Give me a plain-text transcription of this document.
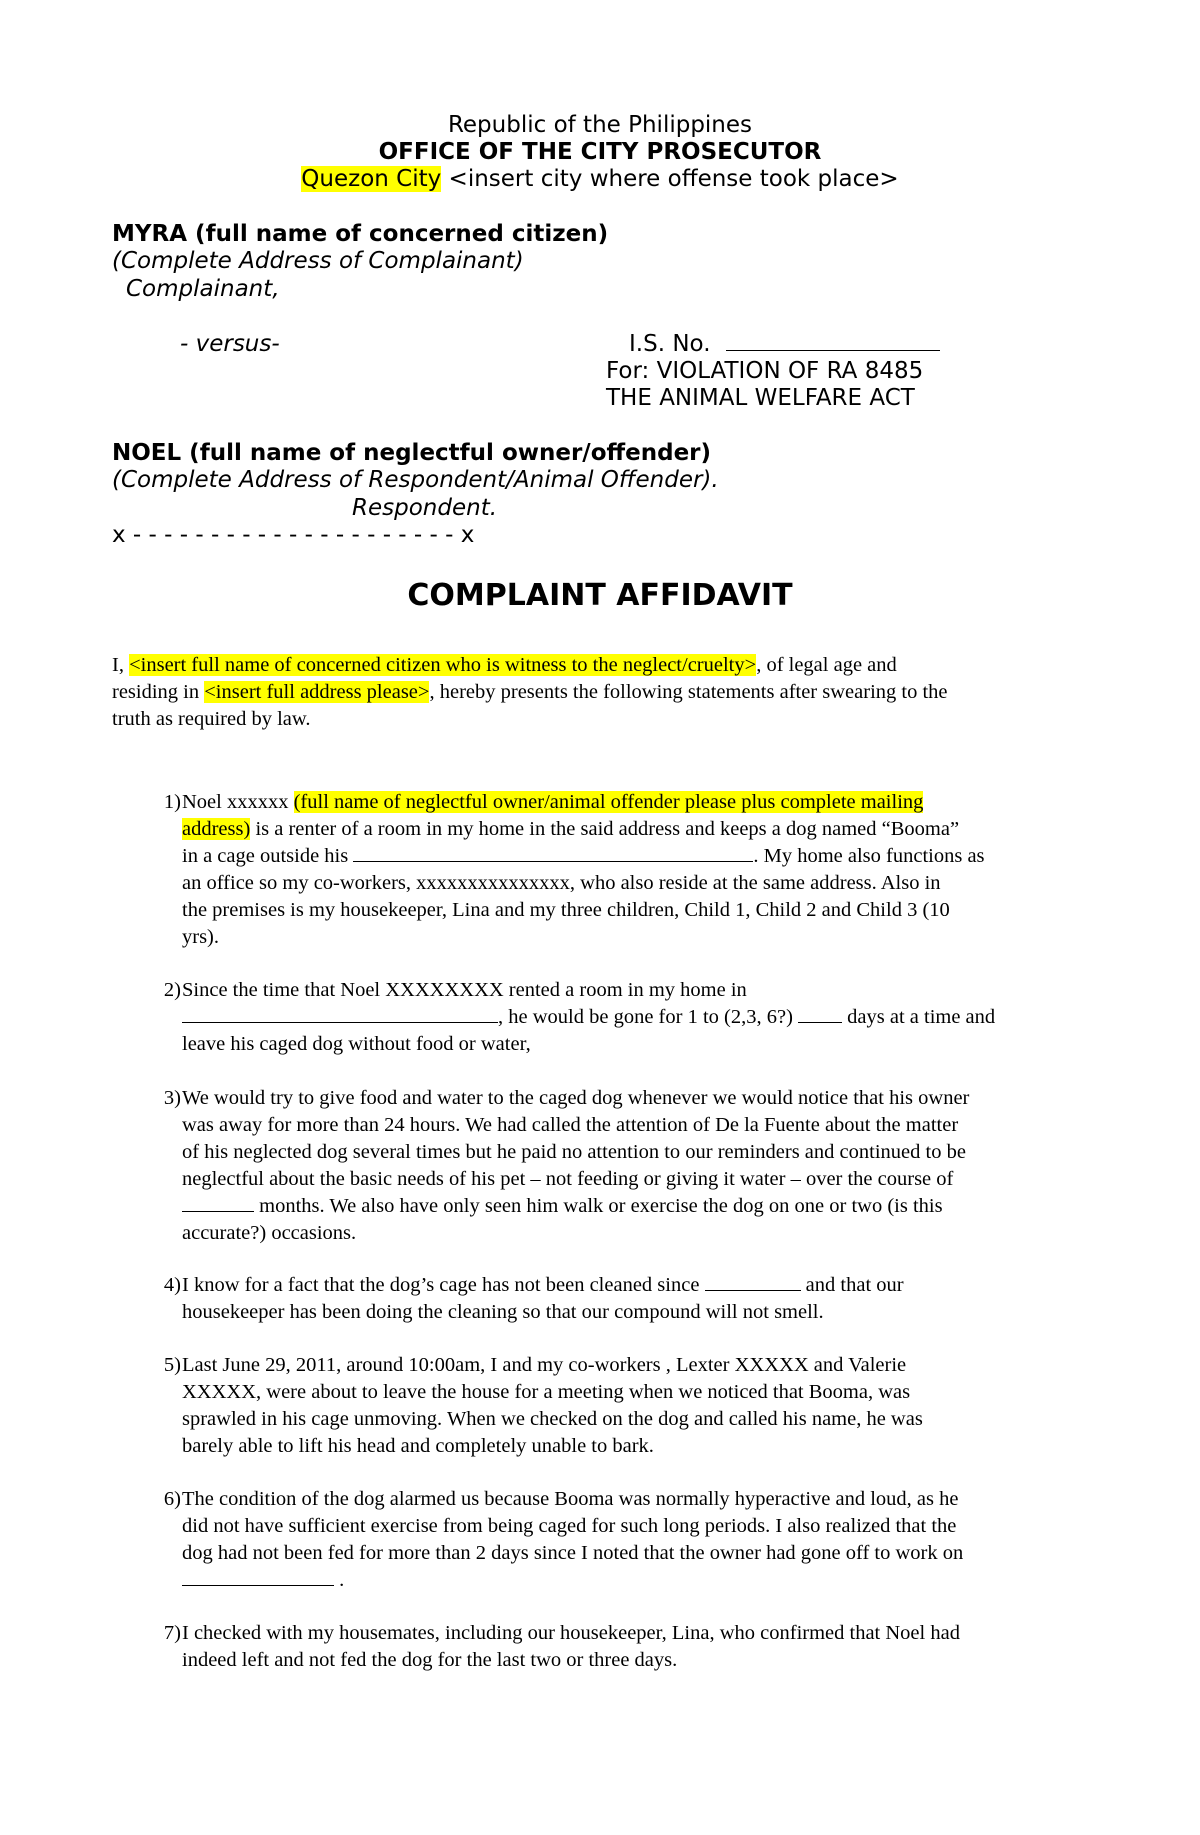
Republic of the Philippines
OFFICE OF THE CITY PROSECUTOR
Quezon City <insert city where offense took place>
MYRA (full name of concerned citizen)
(Complete Address of Complainant)
Complainant,
- versus-	I.S. No.
For: VIOLATION OF RA 8485
THE ANIMAL WELFARE ACT
NOEL (full name of neglectful owner/offender)
(Complete Address of Respondent/Animal Offender).
Respondent.
x - - - - - - - - - - - - - - - - - - - - - x
COMPLAINT AFFIDAVIT
I, <insert full name of concerned citizen who is witness to the neglect/cruelty>, of legal age and
residing in <insert full address please>, hereby presents the following statements after swearing to the
truth as required by law.
1) Noel xxxxxx (full name of neglectful owner/animal offender please plus complete mailing
address) is a renter of a room in my home in the said address and keeps a dog named “Booma”
in a cage outside his	. My home also functions as
an office so my co-workers, xxxxxxxxxxxxxxx, who also reside at the same address. Also in
the premises is my housekeeper, Lina and my three children, Child 1, Child 2 and Child 3 (10
yrs).
2) Since the time that Noel XXXXXXXX rented a room in my home in
, he would be gone for 1 to (2,3, 6?)  days at a time and
leave his caged dog without food or water,
3) We would try to give food and water to the caged dog whenever we would notice that his owner
was away for more than 24 hours. We had called the attention of De la Fuente about the matter
of his neglected dog several times but he paid no attention to our reminders and continued to be
neglectful about the basic needs of his pet – not feeding or giving it water – over the course of
months. We also have only seen him walk or exercise the dog on one or two (is this
accurate?) occasions.
4) I know for a fact that the dog’s cage has not been cleaned since	and that our
housekeeper has been doing the cleaning so that our compound will not smell.
5) Last June 29, 2011, around 10:00am, I and my co-workers , Lexter XXXXX and Valerie
XXXXX, were about to leave the house for a meeting when we noticed that Booma, was
sprawled in his cage unmoving. When we checked on the dog and called his name, he was
barely able to lift his head and completely unable to bark.
6) The condition of the dog alarmed us because Booma was normally hyperactive and loud, as he
did not have sufficient exercise from being caged for such long periods. I also realized that the
dog had not been fed for more than 2 days since I noted that the owner had gone off to work on
.
7) I checked with my housemates, including our housekeeper, Lina, who confirmed that Noel had
indeed left and not fed the dog for the last two or three days.
